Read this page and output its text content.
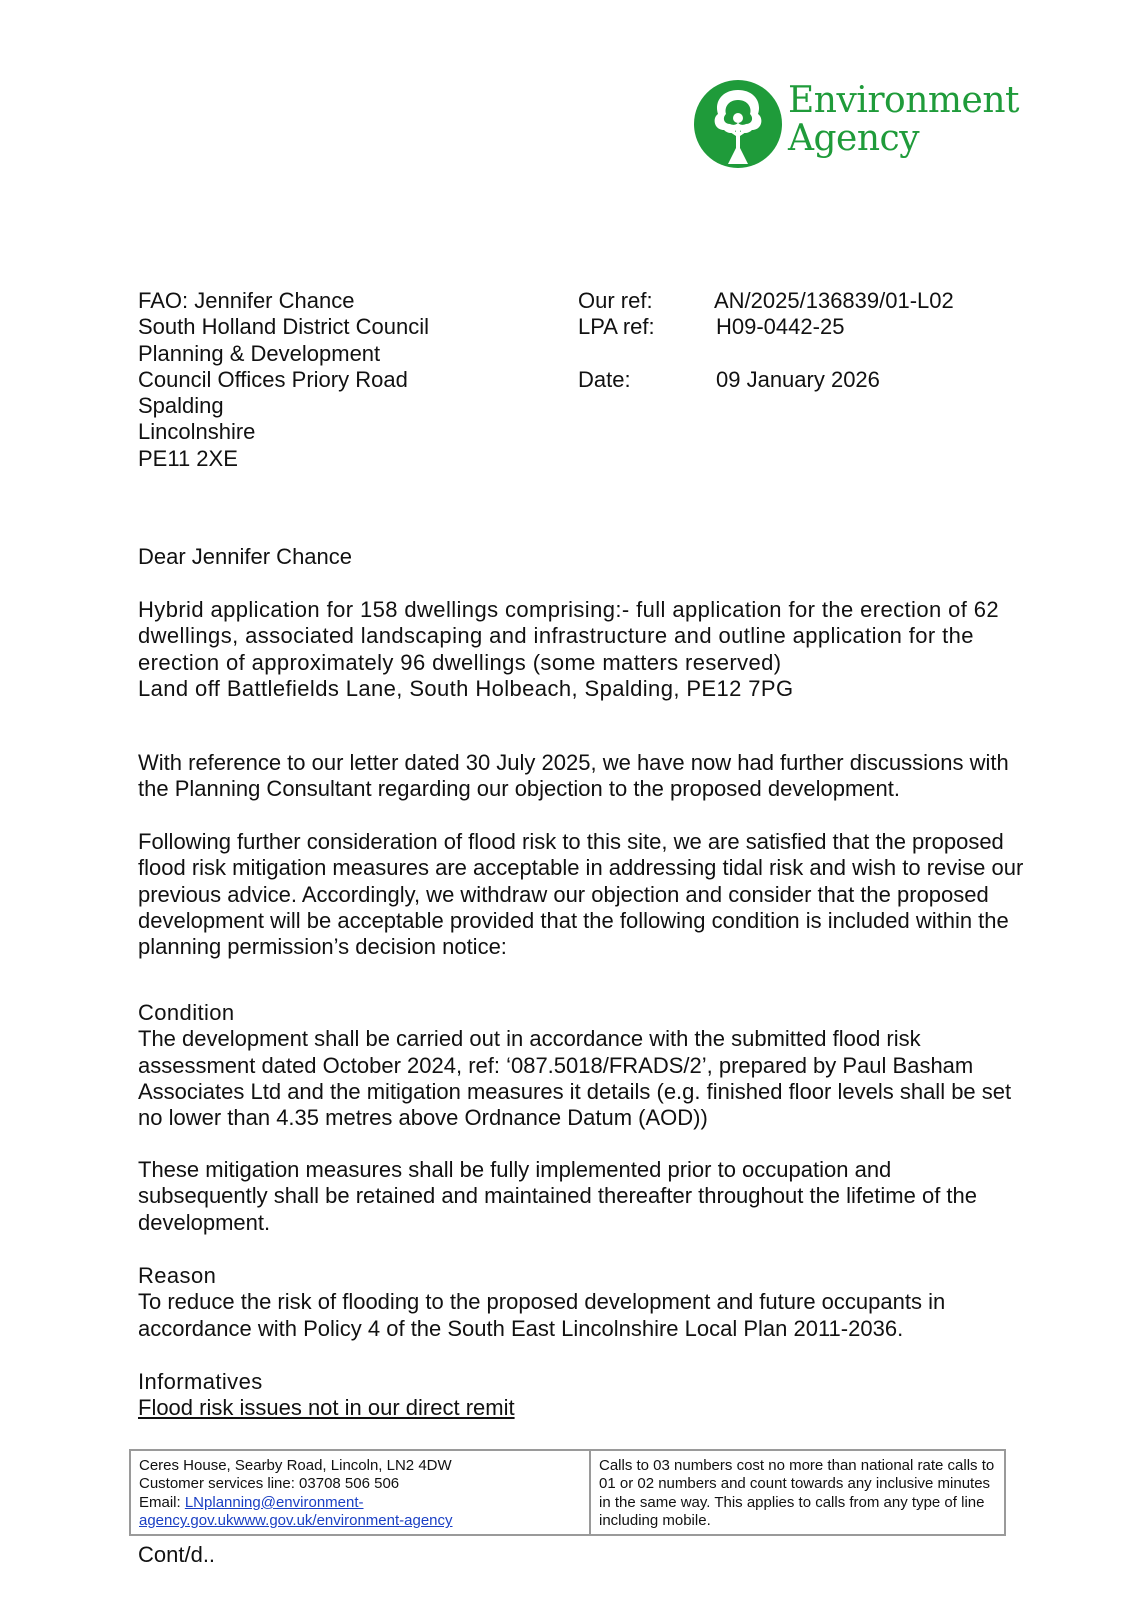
Environment
Agency
FAO: Jennifer Chance
South Holland District Council
Planning & Development
Council Offices Priory Road
Spalding
Lincolnshire
PE11 2XE
Our ref:	AN/2025/136839/01-L02
LPA ref:	H09-0442-25
Date:	09 January 2026

Dear Jennifer Chance

Hybrid application for 158 dwellings comprising:- full application for the erection of 62 dwellings, associated landscaping and infrastructure and outline application for the erection of approximately 96 dwellings (some matters reserved)

Land off Battlefields Lane, South Holbeach, Spalding, PE12 7PG

With reference to our letter dated 30 July 2025, we have now had further discussions with the Planning Consultant regarding our objection to the proposed development.

Following further consideration of flood risk to this site, we are satisfied that the proposed flood risk mitigation measures are acceptable in addressing tidal risk and wish to revise our previous advice. Accordingly, we withdraw our objection and consider that the proposed development will be acceptable provided that the following condition is included within the planning permission’s decision notice:

Condition

The development shall be carried out in accordance with the submitted flood risk assessment dated October 2024, ref: ‘087.5018/FRADS/2’, prepared by Paul Basham Associates Ltd and the mitigation measures it details (e.g. finished floor levels shall be set no lower than 4.35 metres above Ordnance Datum (AOD))

These mitigation measures shall be fully implemented prior to occupation and subsequently shall be retained and maintained thereafter throughout the lifetime of the development.

Reason

To reduce the risk of flooding to the proposed development and future occupants in accordance with Policy 4 of the South East Lincolnshire Local Plan 2011-2036.

Informatives

Flood risk issues not in our direct remit

Ceres House, Searby Road, Lincoln, LN2 4DW
Customer services line: 03708 506 506
Email: LNplanning@environment-
agency.gov.ukwww.gov.uk/environment-agency
Calls to 03 numbers cost no more than national rate calls to 01 or 02 numbers and count towards any inclusive minutes in the same way. This applies to calls from any type of line including mobile.
Cont/d..
